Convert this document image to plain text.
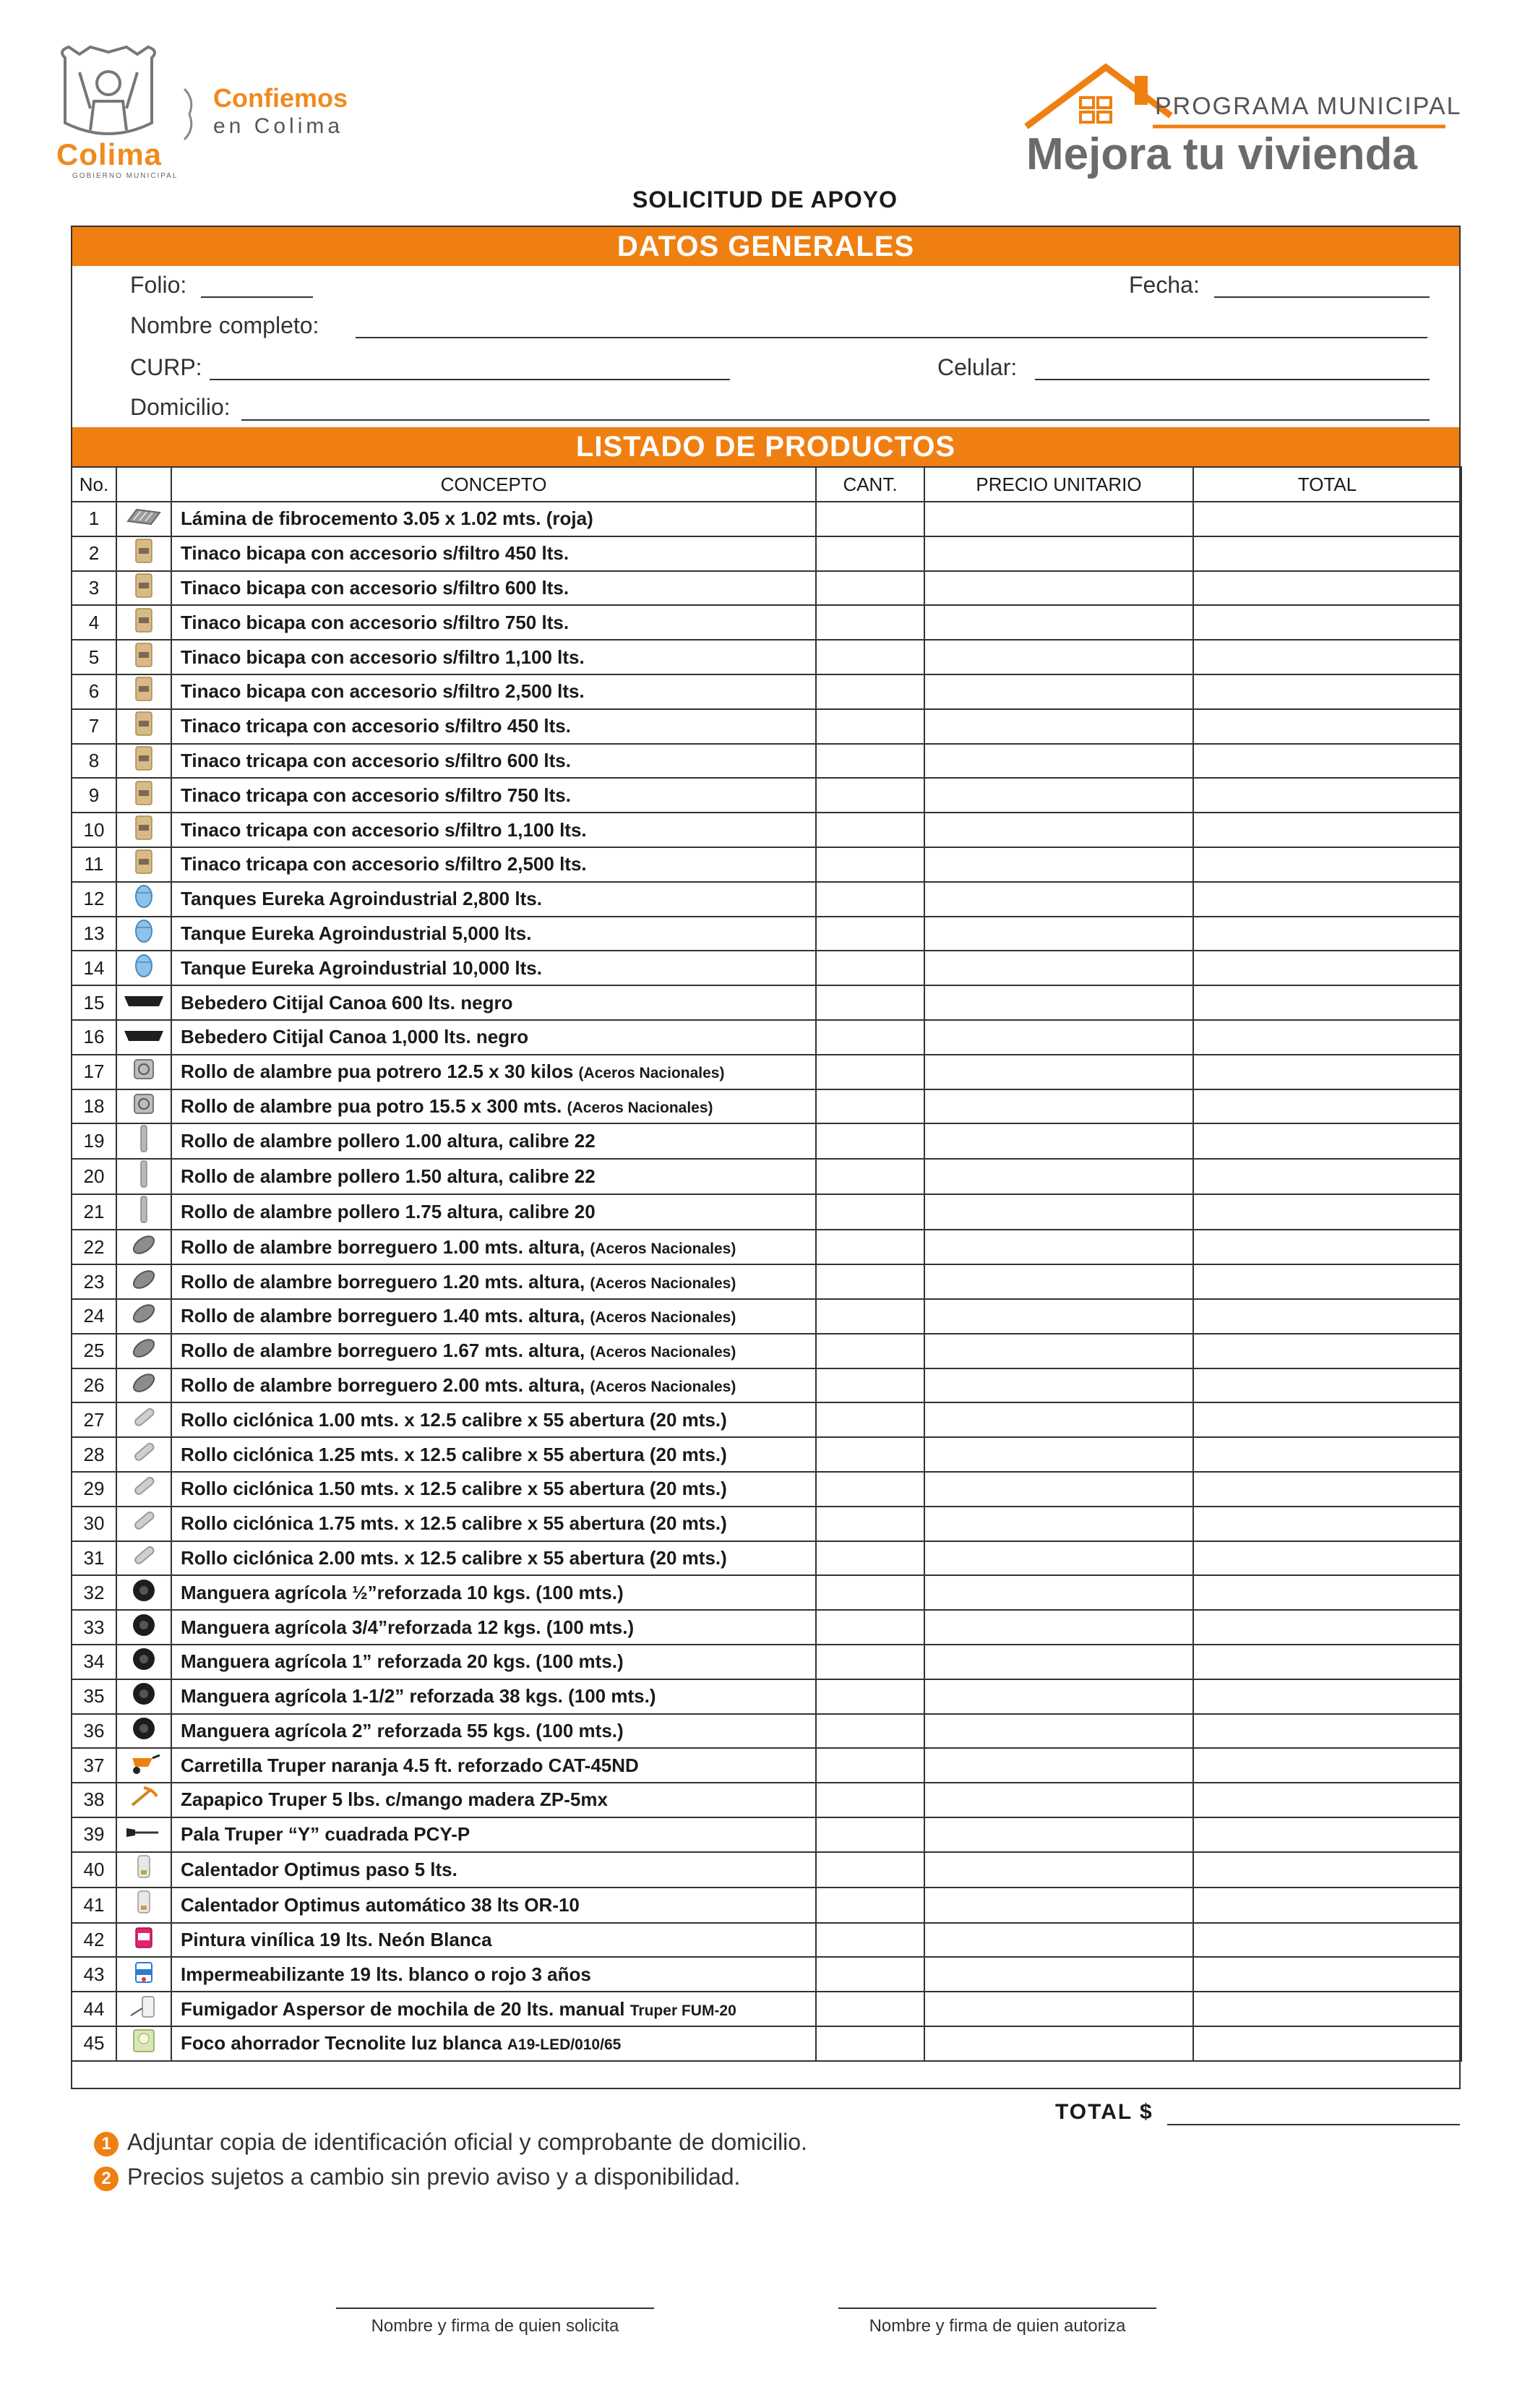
Colima
GOBIERNO MUNICIPAL
Confiemos
en Colima
PROGRAMA MUNICIPAL
Mejora tu vivienda
SOLICITUD DE APOYO
DATOS GENERALES
Folio:	Fecha:
Nombre completo:
CURP:	Celular:
Domicilio:
LISTADO DE PRODUCTOS
No.		CONCEPTO	CANT.	PRECIO UNITARIO	TOTAL
1		Lámina de fibrocemento 3.05 x 1.02 mts. (roja)			
2		Tinaco bicapa con accesorio s/filtro 450 lts.			
3		Tinaco bicapa con accesorio s/filtro 600 lts.			
4		Tinaco bicapa con accesorio s/filtro 750 lts.			
5		Tinaco bicapa con accesorio s/filtro 1,100 lts.			
6		Tinaco bicapa con accesorio s/filtro 2,500 lts.			
7		Tinaco tricapa con accesorio s/filtro 450 lts.			
8		Tinaco tricapa con accesorio s/filtro 600 lts.			
9		Tinaco tricapa con accesorio s/filtro 750 lts.			
10		Tinaco tricapa con accesorio s/filtro 1,100 lts.			
11		Tinaco tricapa con accesorio s/filtro 2,500 lts.			
12		Tanques Eureka Agroindustrial 2,800 lts.			
13		Tanque Eureka Agroindustrial 5,000 lts.			
14		Tanque Eureka Agroindustrial 10,000 lts.			
15		Bebedero Citijal Canoa 600 lts. negro			
16		Bebedero Citijal Canoa 1,000 lts. negro			
17		Rollo de alambre pua potrero 12.5 x 30 kilos (Aceros Nacionales)			
18		Rollo de alambre pua potro 15.5 x 300 mts. (Aceros Nacionales)			
19		Rollo de alambre pollero 1.00 altura, calibre 22			
20		Rollo de alambre pollero 1.50 altura, calibre 22			
21		Rollo de alambre pollero 1.75 altura, calibre 20			
22		Rollo de alambre borreguero 1.00 mts. altura, (Aceros Nacionales)			
23		Rollo de alambre borreguero 1.20 mts. altura, (Aceros Nacionales)			
24		Rollo de alambre borreguero 1.40 mts. altura, (Aceros Nacionales)			
25		Rollo de alambre borreguero 1.67 mts. altura, (Aceros Nacionales)			
26		Rollo de alambre borreguero 2.00 mts. altura, (Aceros Nacionales)			
27		Rollo ciclónica 1.00 mts. x 12.5 calibre x 55 abertura (20 mts.)			
28		Rollo ciclónica 1.25 mts. x 12.5 calibre x 55 abertura (20 mts.)			
29		Rollo ciclónica 1.50 mts. x 12.5 calibre x 55 abertura (20 mts.)			
30		Rollo ciclónica 1.75 mts. x 12.5 calibre x 55 abertura (20 mts.)			
31		Rollo ciclónica 2.00 mts. x 12.5 calibre x 55 abertura (20 mts.)			
32		Manguera agrícola ½”reforzada 10 kgs. (100 mts.)			
33		Manguera agrícola 3/4”reforzada 12 kgs. (100 mts.)			
34		Manguera agrícola 1” reforzada 20 kgs. (100 mts.)			
35		Manguera agrícola 1-1/2” reforzada 38 kgs. (100 mts.)			
36		Manguera agrícola 2” reforzada 55 kgs. (100 mts.)			
37		Carretilla Truper naranja 4.5 ft. reforzado CAT-45ND			
38		Zapapico Truper 5 lbs. c/mango madera ZP-5mx			
39		Pala Truper “Y” cuadrada PCY-P			
40		Calentador Optimus paso 5 lts.			
41		Calentador Optimus automático 38 lts OR-10			
42		Pintura vinílica 19 lts. Neón Blanca			
43		Impermeabilizante 19 lts. blanco o rojo 3 años			
44		Fumigador Aspersor de mochila de 20 lts. manual Truper FUM-20			
45		Foco ahorrador Tecnolite luz blanca A19-LED/010/65			
TOTAL $
1 Adjuntar copia de identificación oficial y comprobante de domicilio.
2 Precios sujetos a cambio sin previo aviso y a disponibilidad.
Nombre y firma de quien solicita	Nombre y firma de quien autoriza
